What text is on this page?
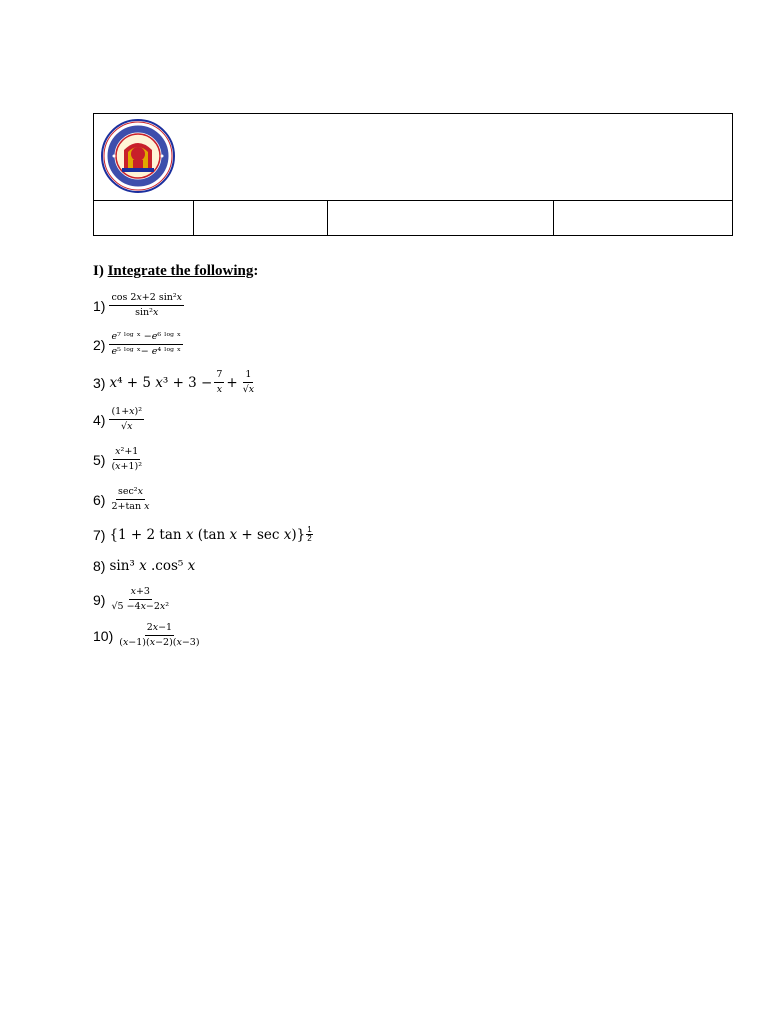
I) Integrate the following:
$1) \frac{\text{cos 2𝑥+2 sin²𝑥}}{\text{sin²𝑥}}$
$2) \frac{\text{𝑒⁷ ˡᵒᵍ ˣ −𝑒⁶ ˡᵒᵍ ˣ}}{\text{𝑒⁵ ˡᵒᵍ ˣ− 𝑒⁴ ˡᵒᵍ ˣ}}$
3) 𝑥⁴ + 5 𝑥³ + $3 - \frac{7}{\text{𝑥}} + \frac{1}{\text{√𝑥}}$
$4) \frac{\text{(1+𝑥)²}}{\text{√𝑥}}$
$5) \frac{\text{𝑥²+1}}{\text{(𝑥+1)²}}$
$6) \frac{\text{sec²𝑥}}{\text{2+tan 𝑥}}$
7) {1 + 2 tan 𝑥 (tan 𝑥 + sec 𝑥)} $\frac{1}{2}$
8) sin³ 𝑥 .cos⁵ 𝑥
$9) \frac{\text{𝑥+3}}{\text{√5 −4𝑥−2𝑥²}}$
$10) \frac{\text{2𝑥−1}}{\text{(𝑥−1)(𝑥−2)(𝑥−3)}}$
